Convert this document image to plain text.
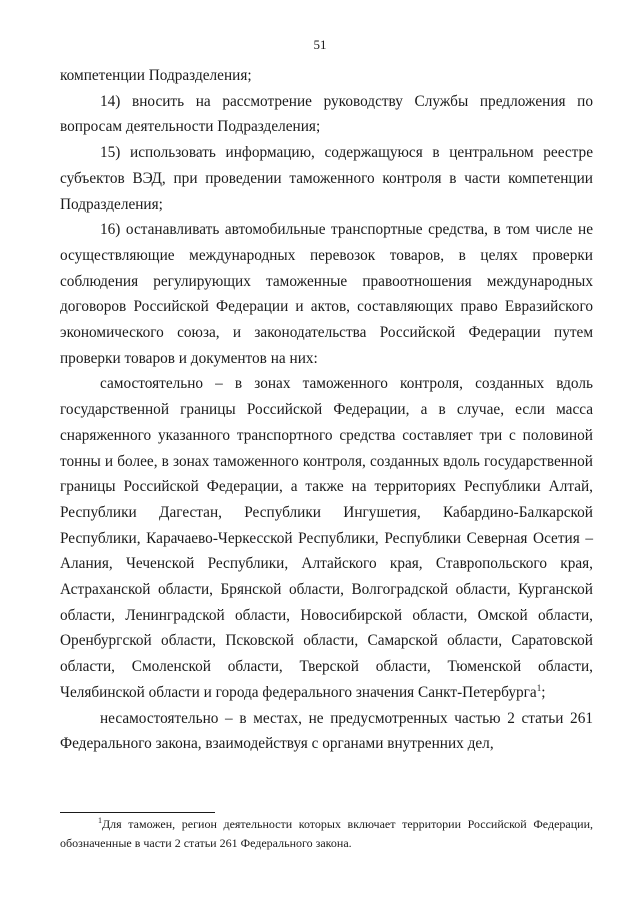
51

компетенции Подразделения;

14) вносить на рассмотрение руководству Службы предложения по вопросам деятельности Подразделения;

15) использовать информацию, содержащуюся в центральном реестре субъектов ВЭД, при проведении таможенного контроля в части компетенции Подразделения;

16) останавливать автомобильные транспортные средства, в том числе не осуществляющие международных перевозок товаров, в целях проверки соблюдения регулирующих таможенные правоотношения международных договоров Российской Федерации и актов, составляющих право Евразийского экономического союза, и законодательства Российской Федерации путем проверки товаров и документов на них:

самостоятельно – в зонах таможенного контроля, созданных вдоль государственной границы Российской Федерации, а в случае, если масса снаряженного указанного транспортного средства составляет три с половиной тонны и более, в зонах таможенного контроля, созданных вдоль государственной границы Российской Федерации, а также на территориях Республики Алтай, Республики Дагестан, Республики Ингушетия, Кабардино-Балкарской Республики, Карачаево-Черкесской Республики, Республики Северная Осетия – Алания, Чеченской Республики, Алтайского края, Ставропольского края, Астраханской области, Брянской области, Волгоградской области, Курганской области, Ленинградской области, Новосибирской области, Омской области, Оренбургской области, Псковской области, Самарской области, Саратовской области, Смоленской области, Тверской области, Тюменской области, Челябинской области и города федерального значения Санкт-Петербурга$^1$;

несамостоятельно – в местах, не предусмотренных частью 2 статьи 261 Федерального закона, взаимодействуя с органами внутренних дел,

$^1$Для таможен, регион деятельности которых включает территории Российской Федерации, обозначенные в части 2 статьи 261 Федерального закона.
